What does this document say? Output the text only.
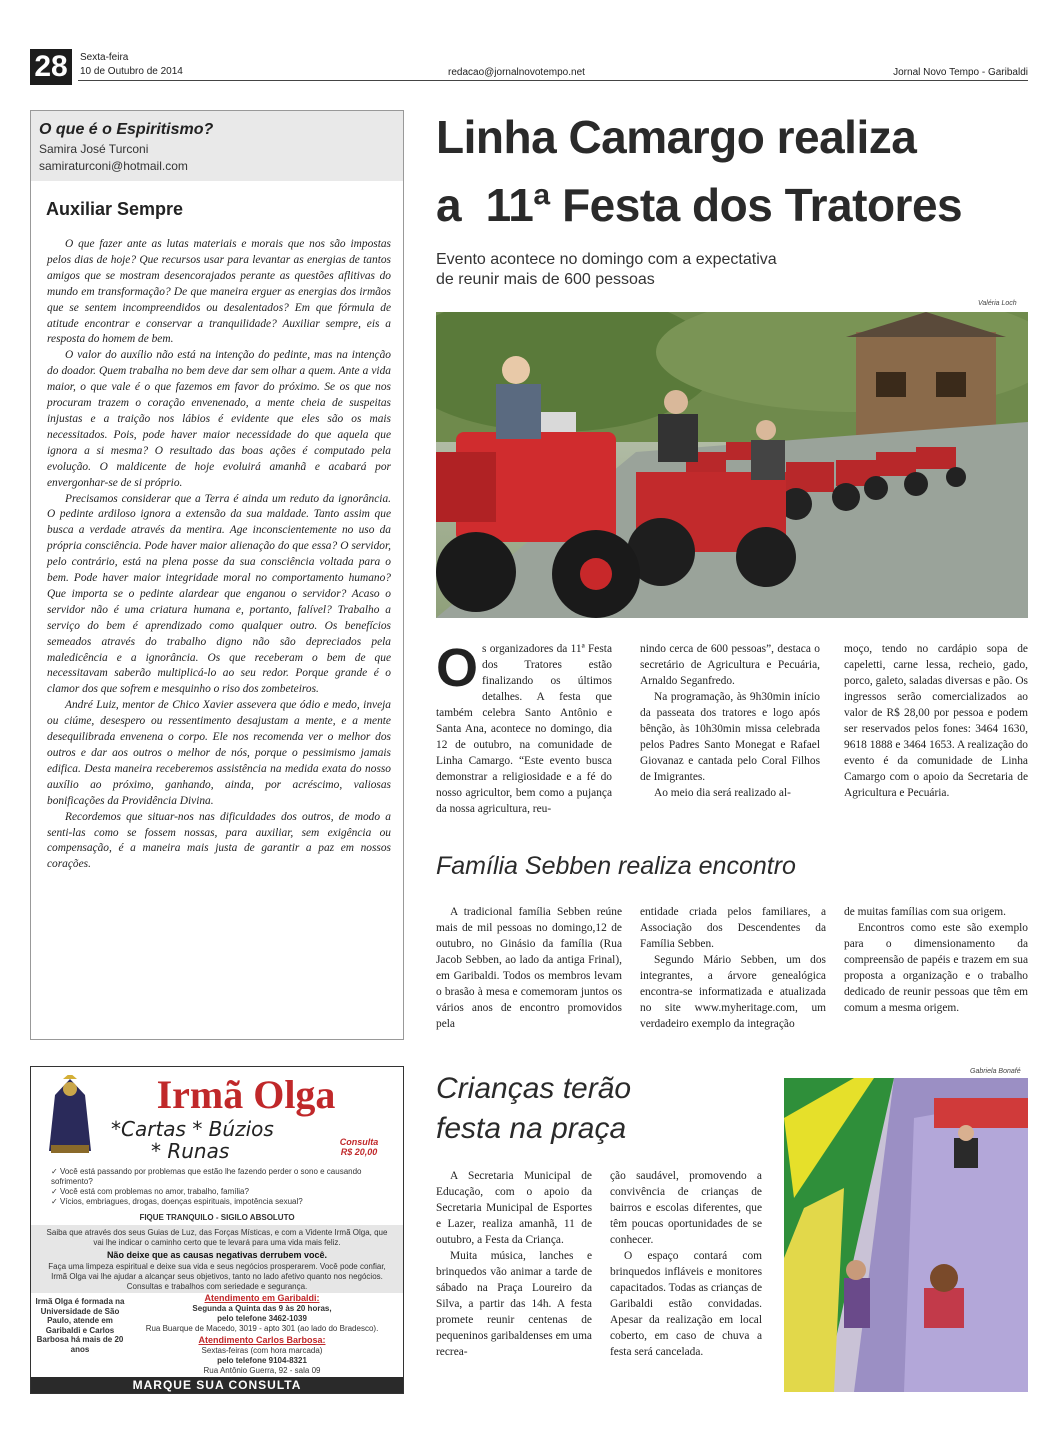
28	Sexta-feira
10 de Outubro de 2014	redacao@jornalnovotempo.net	Jornal Novo Tempo - Garibaldi
O que é o Espiritismo?
Samira José Turconi
samiraturconi@hotmail.com
Auxiliar Sempre

O que fazer ante as lutas materiais e morais que nos são impostas pelos dias de hoje? Que recursos usar para levantar as energias de tantos amigos que se mostram desencorajados perante as questões aflitivas do mundo em transformação? De que maneira erguer as energias dos irmãos que se sentem incompreendidos ou desalentados? Em que fórmula de atitude encontrar e conservar a tranquilidade? Auxiliar sempre, eis a resposta do homem de bem.

O valor do auxílio não está na intenção do pedinte, mas na intenção do doador. Quem trabalha no bem deve dar sem olhar a quem. Ante a vida maior, o que vale é o que fazemos em favor do próximo. Se os que nos procuram trazem o coração envenenado, a mente cheia de suspeitas injustas e a traição nos lábios é evidente que eles são os mais necessitados. Pois, pode haver maior necessidade do que aquela que ignora a si mesma? O resultado das boas ações é computado pela evolução. O maldicente de hoje evoluirá amanhã e acabará por envergonhar-se de si próprio.

Precisamos considerar que a Terra é ainda um reduto da ignorância. O pedinte ardiloso ignora a extensão da sua maldade. Tanto assim que busca a verdade através da mentira. Age inconscientemente no uso da própria consciência. Pode haver maior alienação do que essa? O servidor, pelo contrário, está na plena posse da sua consciência voltada para o bem. Pode haver maior integridade moral no comportamento humano? Que importa se o pedinte alardear que enganou o servidor? Acaso o servidor não é uma criatura humana e, portanto, falível? Trabalho a serviço do bem é aprendizado como qualquer outro. Os benefícios semeados através do trabalho digno não são depreciados pela maledicência e a ignorância. Os que receberam o bem de que necessitavam saberão multiplicá-lo ao seu redor. Porque grande é o clamor dos que sofrem e mesquinho o riso dos zombeteiros.

André Luiz, mentor de Chico Xavier assevera que ódio e medo, inveja ou ciúme, desespero ou ressentimento desajustam a mente, e a mente desequilibrada envenena o corpo. Ele nos recomenda ver o melhor dos outros e dar aos outros o melhor de nós, porque o pessimismo jamais edifica. Desta maneira receberemos assistência na medida exata do nosso auxílio ao próximo, ganhando, ainda, por acréscimo, valiosas bonificações da Providência Divina.

Recordemos que situar-nos nas dificuldades dos outros, de modo a senti-las como se fossem nossas, para auxiliar, sem exigência ou compensação, é a maneira mais justa de garantir a paz em nossos corações.

Linha Camargo realiza
a  11ª Festa dos Tratores
Evento acontece no domingo com a expectativa de reunir mais de 600 pessoas
Valéria Loch
O s organizadores da 11ª Festa dos Tratores estão finalizando os últimos detalhes. A festa que também celebra Santo Antônio e Santa Ana, acontece no domingo, dia 12 de outubro, na comunidade de Linha Camargo. “Este evento busca demonstrar a religiosidade e a fé do nosso agricultor, bem como a pujança da nossa agricultura, reu-

nindo cerca de 600 pessoas”, destaca o secretário de Agricultura e Pecuária, Arnaldo Seganfredo.

Na programação, às 9h30min início da passeata dos tratores e logo após bênção, às 10h30min missa celebrada pelos Padres Santo Monegat e Rafael Giovanaz e cantada pelo Coral Filhos de Imigrantes.

Ao meio dia será realizado al-

moço, tendo no cardápio sopa de capeletti, carne lessa, recheio, gado, porco, galeto, saladas diversas e pão. Os ingressos serão comercializados ao valor de R$ 28,00 por pessoa e podem ser reservados pelos fones: 3464 1630, 9618 1888 e 3464 1653. A realização do evento é da comunidade de Linha Camargo com o apoio da Secretaria de Agricultura e Pecuária.

Família Sebben realiza encontro

A tradicional família Sebben reúne mais de mil pessoas no domingo,12 de outubro, no Ginásio da família (Rua Jacob Sebben, ao lado da antiga Frinal), em Garibaldi. Todos os membros levam o brasão à mesa e comemoram juntos os vários anos de encontro promovidos pela

entidade criada pelos familiares, a Associação dos Descendentes da Família Sebben.

Segundo Mário Sebben, um dos integrantes, a árvore genealógica encontra-se informatizada e atualizada no site www.myheritage.com, um verdadeiro exemplo da integração

de muitas famílias com sua origem.

Encontros como este são exemplo para o dimensionamento da compreensão de papéis e trazem em sua proposta a organização e o trabalho dedicado de reunir pessoas que têm em comum a mesma origem.

Crianças terão
festa na praça

A Secretaria Municipal de Educação, com o apoio da Secretaria Municipal de Esportes e Lazer, realiza amanhã, 11 de outubro, a Festa da Criança.

Muita música, lanches e brinquedos vão animar a tarde de sábado na Praça Loureiro da Silva, a partir das 14h. A festa promete reunir centenas de pequeninos garibaldenses em uma recrea-

ção saudável, promovendo a convivência de crianças de bairros e escolas diferentes, que têm poucas oportunidades de se conhecer.

O espaço contará com brinquedos infláveis e monitores capacitados. Todas as crianças de Garibaldi estão convidadas. Apesar da realização em local coberto, em caso de chuva a festa será cancelada.

Gabriela Bonafé
Irmã Olga
*Cartas * Búzios
* Runas	Consulta
R$ 20,00
✓ Você está passando por problemas que estão lhe fazendo perder o sono e causando sofrimento?
✓ Você está com problemas no amor, trabalho, família?
✓ Vícios, embriagues, drogas, doenças espirituais, impotência sexual?
FIQUE TRANQUILO - SIGILO ABSOLUTO
Saiba que através dos seus Guias de Luz, das Forças Místicas, e com a Vidente Irmã Olga, que vai lhe indicar o caminho certo que te levará para uma vida mais feliz.
Não deixe que as causas negativas derrubem você.
Faça uma limpeza espiritual e deixe sua vida e seus negócios prosperarem. Você pode confiar, Irmã Olga vai lhe ajudar a alcançar seus objetivos, tanto no lado afetivo quanto nos negócios. Consultas e trabalhos com seriedade e segurança.
Irmã Olga é formada na Universidade de São Paulo, atende em Garibaldi e Carlos Barbosa há mais de 20 anos
Atendimento em Garibaldi:
Segunda a Quinta das 9 às 20 horas,
pelo telefone 3462-1039
Rua Buarque de Macedo, 3019 - apto 301 (ao lado do Bradesco).
Atendimento Carlos Barbosa:
Sextas-feiras (com hora marcada)
pelo telefone 9104-8321
Rua Antônio Guerra, 92 - sala 09
MARQUE SUA CONSULTA
